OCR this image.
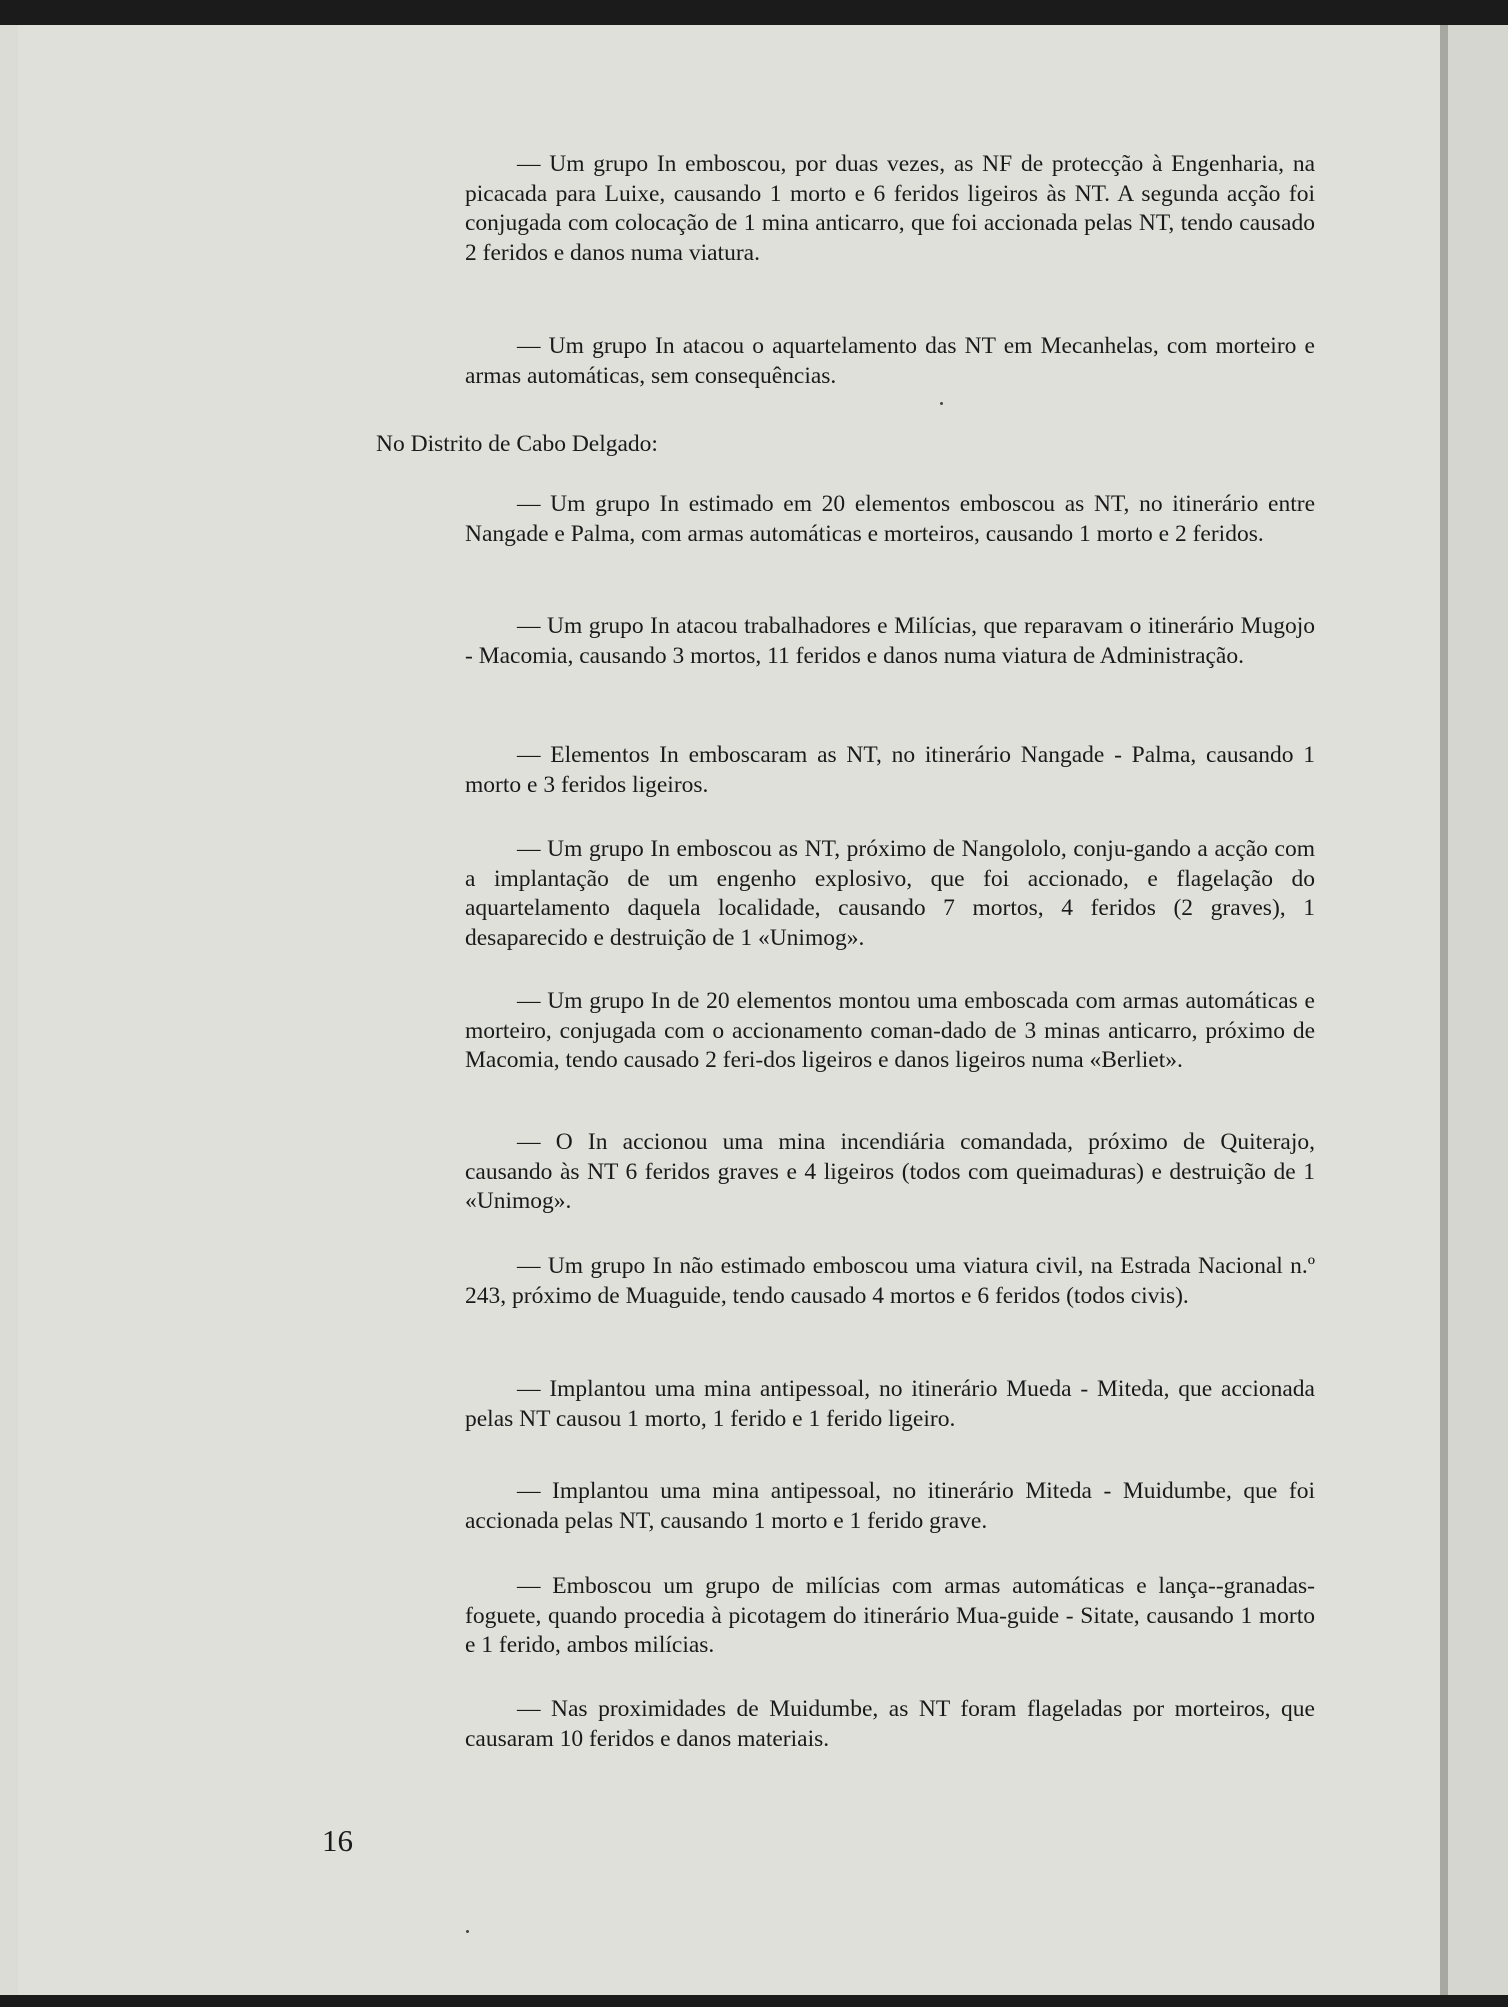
— Um grupo In emboscou, por duas vezes, as NF de protecção à Engenharia, na picacada para Luixe, causando 1 morto e 6 feridos ligeiros às NT. A segunda acção foi conjugada com colocação de 1 mina anticarro, que foi accionada pelas NT, tendo causado 2 feridos e danos numa viatura.

— Um grupo In atacou o aquartelamento das NT em Mecanhelas, com morteiro e armas automáticas, sem consequências.

No Distrito de Cabo Delgado:

— Um grupo In estimado em 20 elementos emboscou as NT, no itinerário entre Nangade e Palma, com armas automáticas e morteiros, causando 1 morto e 2 feridos.

— Um grupo In atacou trabalhadores e Milícias, que reparavam o itinerário Mugojo - Macomia, causando 3 mortos, 11 feridos e danos numa viatura de Administração.

— Elementos In emboscaram as NT, no itinerário Nangade - Palma, causando 1 morto e 3 feridos ligeiros.

— Um grupo In emboscou as NT, próximo de Nangololo, conju-gando a acção com a implantação de um engenho explosivo, que foi accionado, e flagelação do aquartelamento daquela localidade, causando 7 mortos, 4 feridos (2 graves), 1 desaparecido e destruição de 1 «Unimog».

— Um grupo In de 20 elementos montou uma emboscada com armas automáticas e morteiro, conjugada com o accionamento coman-dado de 3 minas anticarro, próximo de Macomia, tendo causado 2 feri-dos ligeiros e danos ligeiros numa «Berliet».

— O In accionou uma mina incendiária comandada, próximo de Quiterajo, causando às NT 6 feridos graves e 4 ligeiros (todos com queimaduras) e destruição de 1 «Unimog».

— Um grupo In não estimado emboscou uma viatura civil, na Estrada Nacional n.º 243, próximo de Muaguide, tendo causado 4 mortos e 6 feridos (todos civis).

— Implantou uma mina antipessoal, no itinerário Mueda - Miteda, que accionada pelas NT causou 1 morto, 1 ferido e 1 ferido ligeiro.

— Implantou uma mina antipessoal, no itinerário Miteda - Muidumbe, que foi accionada pelas NT, causando 1 morto e 1 ferido grave.

— Emboscou um grupo de milícias com armas automáticas e lança--granadas-foguete, quando procedia à picotagem do itinerário Mua-guide - Sitate, causando 1 morto e 1 ferido, ambos milícias.

— Nas proximidades de Muidumbe, as NT foram flageladas por morteiros, que causaram 10 feridos e danos materiais.

16
